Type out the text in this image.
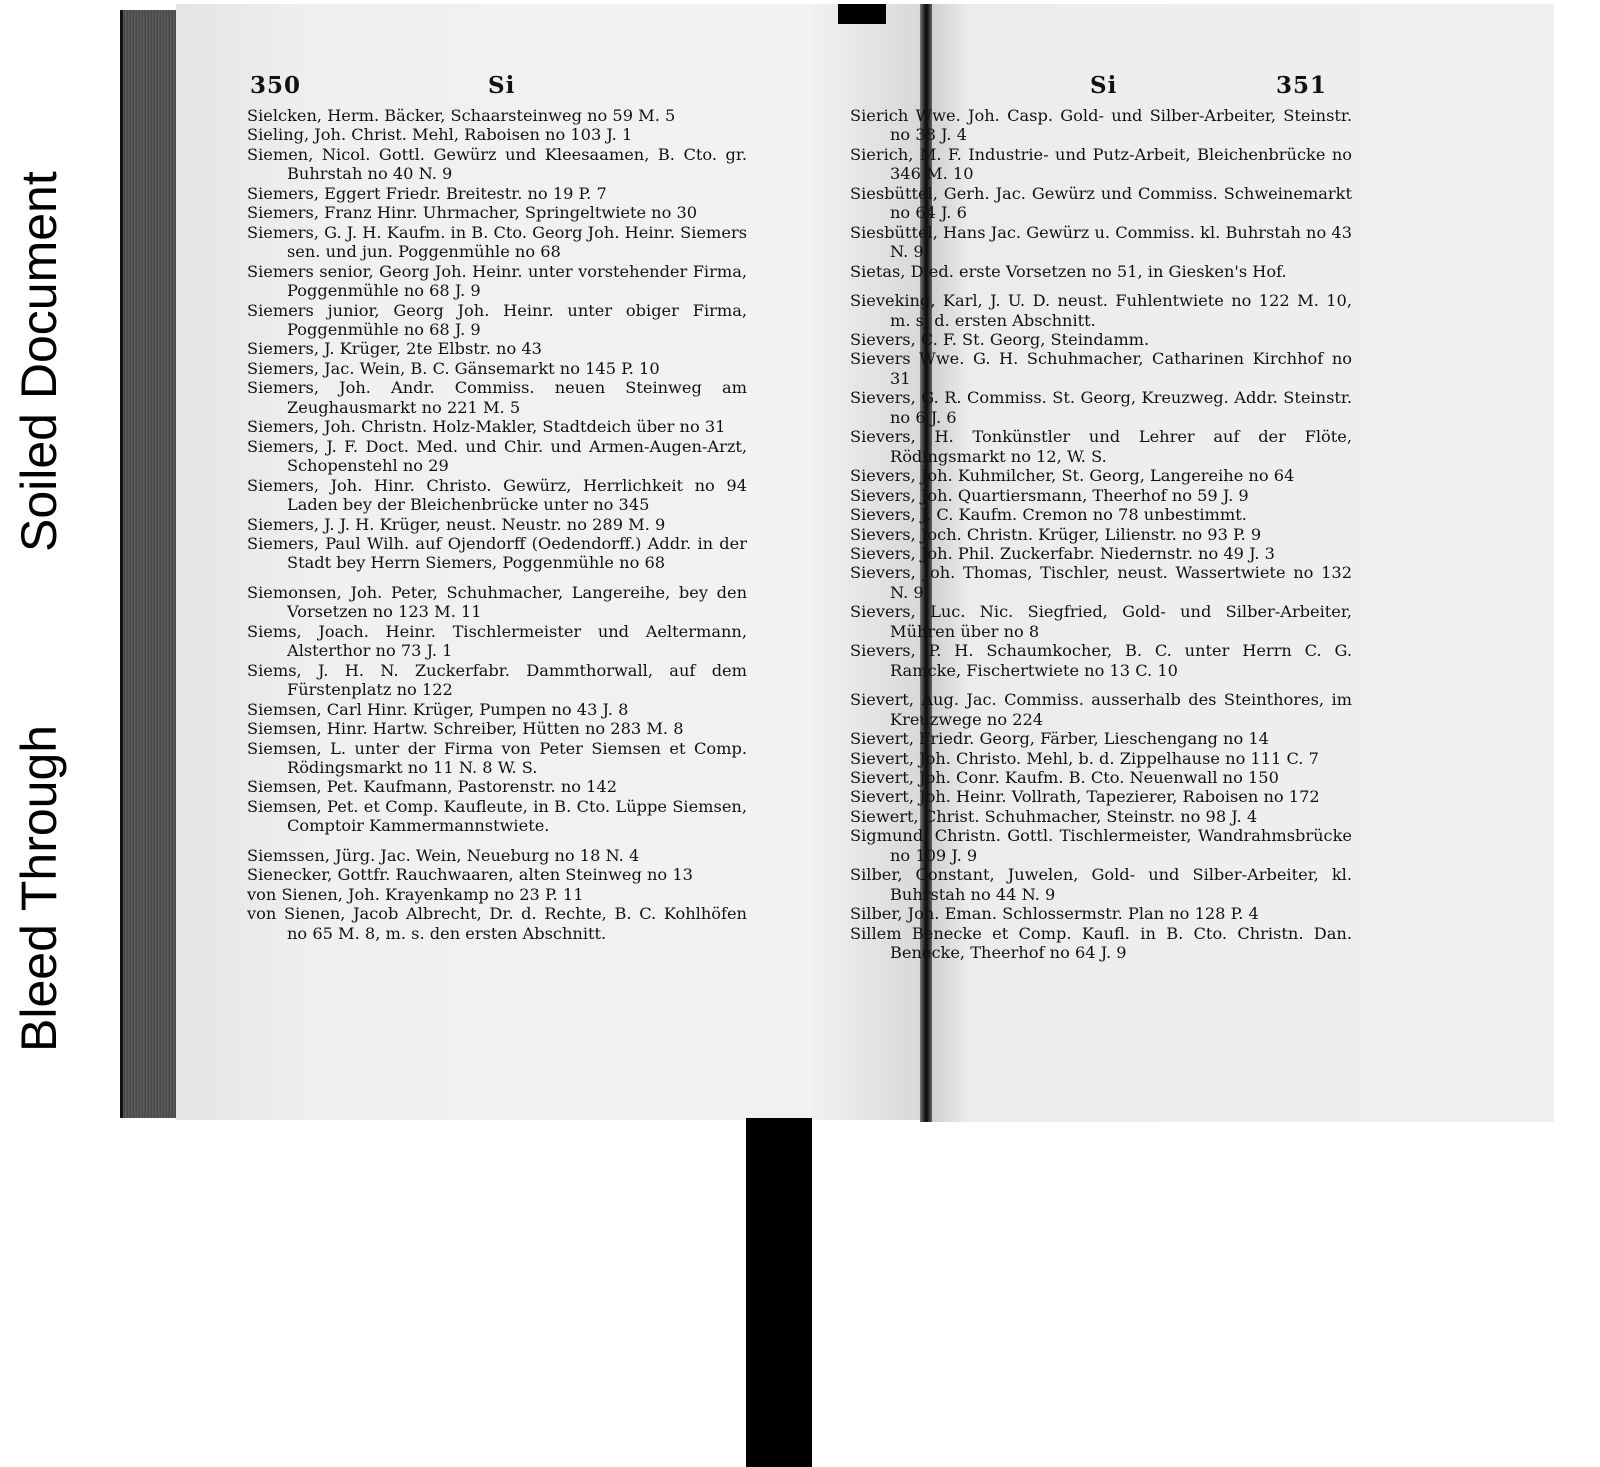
Bleed Through
Soiled Document
350	Si	Si	351
Sielcken, Herm. Bäcker, Schaarsteinweg no 59 M. 5
Sieling, Joh. Christ. Mehl, Raboisen no 103 J. 1
Siemen, Nicol. Gottl. Gewürz und Kleesaamen, B. Cto. gr. Buhrstah no 40 N. 9
Siemers, Eggert Friedr. Breitestr. no 19 P. 7
Siemers, Franz Hinr. Uhrmacher, Springeltwiete no 30
Siemers, G. J. H. Kaufm. in B. Cto. Georg Joh. Heinr. Siemers sen. und jun. Poggenmühle no 68
Siemers senior, Georg Joh. Heinr. unter vorstehender Firma, Poggenmühle no 68 J. 9
Siemers junior, Georg Joh. Heinr. unter obiger Firma, Poggenmühle no 68 J. 9
Siemers, J. Krüger, 2te Elbstr. no 43
Siemers, Jac. Wein, B. C. Gänsemarkt no 145 P. 10
Siemers, Joh. Andr. Commiss. neuen Steinweg am Zeughausmarkt no 221 M. 5
Siemers, Joh. Christn. Holz-Makler, Stadtdeich über no 31
Siemers, J. F. Doct. Med. und Chir. und Armen-Augen-Arzt, Schopenstehl no 29
Siemers, Joh. Hinr. Christo. Gewürz, Herrlichkeit no 94 Laden bey der Bleichenbrücke unter no 345
Siemers, J. J. H. Krüger, neust. Neustr. no 289 M. 9
Siemers, Paul Wilh. auf Ojendorff (Oedendorff.) Addr. in der Stadt bey Herrn Siemers, Poggenmühle no 68
Siemonsen, Joh. Peter, Schuhmacher, Langereihe, bey den Vorsetzen no 123 M. 11
Siems, Joach. Heinr. Tischlermeister und Aeltermann, Alsterthor no 73 J. 1
Siems, J. H. N. Zuckerfabr. Dammthorwall, auf dem Fürstenplatz no 122
Siemsen, Carl Hinr. Krüger, Pumpen no 43 J. 8
Siemsen, Hinr. Hartw. Schreiber, Hütten no 283 M. 8
Siemsen, L. unter der Firma von Peter Siemsen et Comp. Rödingsmarkt no 11 N. 8 W. S.
Siemsen, Pet. Kaufmann, Pastorenstr. no 142
Siemsen, Pet. et Comp. Kaufleute, in B. Cto. Lüppe Siemsen, Comptoir Kammermannstwiete.
Siemssen, Jürg. Jac. Wein, Neueburg no 18 N. 4
Sienecker, Gottfr. Rauchwaaren, alten Steinweg no 13
von Sienen, Joh. Krayenkamp no 23 P. 11
von Sienen, Jacob Albrecht, Dr. d. Rechte, B. C. Kohlhöfen no 65 M. 8, m. s. den ersten Abschnitt.
Sierich Wwe. Joh. Casp. Gold- und Silber-Arbeiter, Steinstr. no 38 J. 4
Sierich, M. F. Industrie- und Putz-Arbeit, Bleichenbrücke no 346 M. 10
Siesbüttel, Gerh. Jac. Gewürz und Commiss. Schweinemarkt no 64 J. 6
Siesbüttel, Hans Jac. Gewürz u. Commiss. kl. Buhrstah no 43 N. 9
Sietas, Died. erste Vorsetzen no 51, in Giesken's Hof.
Sieveking, Karl, J. U. D. neust. Fuhlentwiete no 122 M. 10, m. s. d. ersten Abschnitt.
Sievers, C. F. St. Georg, Steindamm.
Sievers Wwe. G. H. Schuhmacher, Catharinen Kirchhof no 31
Sievers, G. R. Commiss. St. Georg, Kreuzweg. Addr. Steinstr. no 6 J. 6
Sievers, H. Tonkünstler und Lehrer auf der Flöte, Rödingsmarkt no 12, W. S.
Sievers, Joh. Kuhmilcher, St. Georg, Langereihe no 64
Sievers, Joh. Quartiersmann, Theerhof no 59 J. 9
Sievers, J. C. Kaufm. Cremon no 78 unbestimmt.
Sievers, Joch. Christn. Krüger, Lilienstr. no 93 P. 9
Sievers, Joh. Phil. Zuckerfabr. Niedernstr. no 49 J. 3
Sievers, Joh. Thomas, Tischler, neust. Wassertwiete no 132 N. 9
Sievers, Luc. Nic. Siegfried, Gold- und Silber-Arbeiter, Mühren über no 8
Sievers, P. H. Schaumkocher, B. C. unter Herrn C. G. Ramcke, Fischertwiete no 13 C. 10
Sievert, Aug. Jac. Commiss. ausserhalb des Steinthores, im Kreuzwege no 224
Sievert, Friedr. Georg, Färber, Lieschengang no 14
Sievert, Joh. Christo. Mehl, b. d. Zippelhause no 111 C. 7
Sievert, Joh. Conr. Kaufm. B. Cto. Neuenwall no 150
Sievert, Joh. Heinr. Vollrath, Tapezierer, Raboisen no 172
Siewert, Christ. Schuhmacher, Steinstr. no 98 J. 4
Sigmund, Christn. Gottl. Tischlermeister, Wandrahmsbrücke no 109 J. 9
Silber, Constant, Juwelen, Gold- und Silber-Arbeiter, kl. Buhrstah no 44 N. 9
Silber, Joh. Eman. Schlossermstr. Plan no 128 P. 4
Sillem Benecke et Comp. Kaufl. in B. Cto. Christn. Dan. Benecke, Theerhof no 64 J. 9
